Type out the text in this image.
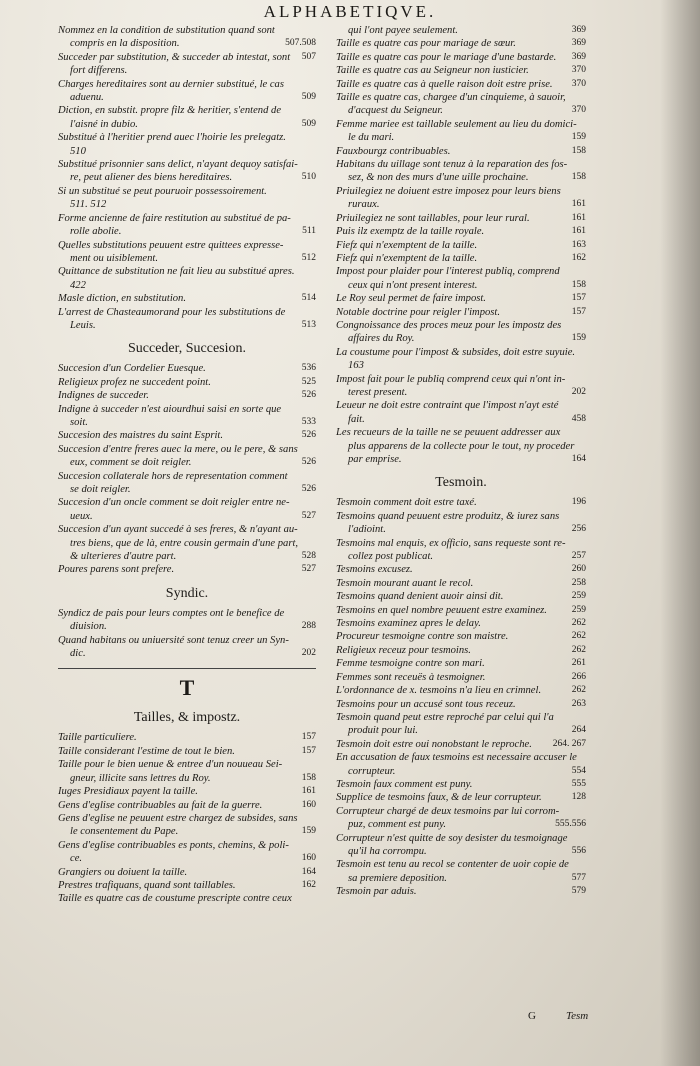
ALPHABETIQVE.
Nommez en la condition de substitution quand sont
507.508
compris en la disposition.
507
Succeder par substitution, & succeder ab intestat, sont
fort differens.
Charges hereditaires sont au dernier substitué, le cas
509
aduenu.
Diction, en substit. propre filz & heritier, s'entend de
509
l'aisné in dubio.
Substitué à l'heritier prend auec l'hoirie les prelegatz.
510
Substitué prisonnier sans delict, n'ayant dequoy satisfai-
510
re, peut aliener des biens hereditaires.
Si un substitué se peut pouruoir possessoirement.
511. 512
Forme ancienne de faire restitution au substitué de pa-
511
rolle abolie.
Quelles substitutions peuuent estre quittees expresse-
512
ment ou uisiblement.
Quittance de substitution ne fait lieu au substitué apres.
422
514
Masle diction, en substitution.
L'arrest de Chasteaumorand pour les substitutions de
513
Leuis.
Succeder, Succesion.
536
Succesion d'un Cordelier Euesque.
525
Religieux profez ne succedent point.
526
Indignes de succeder.
Indigne à succeder n'est aiourdhui saisi en sorte que
533
soit.
526
Succesion des maistres du saint Esprit.
Succesion d'entre freres auec la mere, ou le pere, & sans
526
eux, comment se doit reigler.
Succesion collaterale hors de representation comment
526
se doit reigler.
Succesion d'un oncle comment se doit reigler entre ne-
527
ueux.
Succesion d'un ayant succedé à ses freres, & n'ayant au-
tres biens, que de là, entre cousin germain d'une part,
528
& ulterieres d'autre part.
527
Poures parens sont prefere.
Syndic.
Syndicz de pais pour leurs comptes ont le benefice de
288
diuision.
Quand habitans ou uniuersité sont tenuz creer un Syn-
202
dic.
T
Tailles, & impostz.
157
Taille particuliere.
157
Taille considerant l'estime de tout le bien.
Taille pour le bien uenue & entree d'un nouueau Sei-
158
gneur, illicite sans lettres du Roy.
161
Iuges Presidiaux payent la taille.
160
Gens d'eglise contribuables au fait de la guerre.
Gens d'eglise ne peuuent estre chargez de subsides, sans
159
le consentement du Pape.
Gens d'eglise contribuables es ponts, chemins, & poli-
160
ce.
164
Grangiers ou doiuent la taille.
162
Prestres trafiquans, quand sont taillables.
Taille es quatre cas de coustume prescripte contre ceux
369
qui l'ont payee seulement.
369
Taille es quatre cas pour mariage de sœur.
369
Taille es quatre cas pour le mariage d'une bastarde.
370
Taille es quatre cas au Seigneur non iusticier.
370
Taille es quatre cas à quelle raison doit estre prise.
Taille es quatre cas, chargee d'un cinquieme, à sauoir,
370
d'acquest du Seigneur.
Femme mariee est taillable seulement au lieu du domici-
159
le du mari.
158
Fauxbourgz contribuables.
Habitans du uillage sont tenuz à la reparation des fos-
158
sez, & non des murs d'une uille prochaine.
Priuilegiez ne doiuent estre imposez pour leurs biens
161
ruraux.
161
Priuilegiez ne sont taillables, pour leur rural.
161
Puis ilz exemptz de la taille royale.
163
Fiefz qui n'exemptent de la taille.
162
Fiefz qui n'exemptent de la taille.
Impost pour plaider pour l'interest publiq, comprend
158
ceux qui n'ont present interest.
157
Le Roy seul permet de faire impost.
157
Notable doctrine pour reigler l'impost.
Congnoissance des proces meuz pour les impostz des
159
affaires du Roy.
La coustume pour l'impost & subsides, doit estre suyuie.
163
Impost fait pour le publiq comprend ceux qui n'ont in-
202
terest present.
Leueur ne doit estre contraint que l'impost n'ayt esté
458
fait.
Les recueurs de la taille ne se peuuent addresser aux
plus apparens de la collecte pour le tout, ny proceder
164
par emprise.
Tesmoin.
196
Tesmoin comment doit estre taxé.
Tesmoins quand peuuent estre produitz, & iurez sans
256
l'adioint.
Tesmoins mal enquis, ex officio, sans requeste sont re-
257
collez post publicat.
260
Tesmoins excusez.
258
Tesmoin mourant auant le recol.
259
Tesmoins quand denient auoir ainsi dit.
259
Tesmoins en quel nombre peuuent estre examinez.
262
Tesmoins examinez apres le delay.
262
Procureur tesmoigne contre son maistre.
262
Religieux receuz pour tesmoins.
261
Femme tesmoigne contre son mari.
266
Femmes sont receuës à tesmoigner.
262
L'ordonnance de x. tesmoins n'a lieu en crimnel.
263
Tesmoins pour un accusé sont tous receuz.
Tesmoin quand peut estre reproché par celui qui l'a
264
produit pour lui.
264. 267
Tesmoin doit estre oui nonobstant le reproche.
En accusation de faux tesmoins est necessaire accuser le
554
corrupteur.
555
Tesmoin faux comment est puny.
128
Supplice de tesmoins faux, & de leur corrupteur.
Corrupteur chargé de deux tesmoins par lui corrom-
555.556
puz, comment est puny.
Corrupteur n'est quitte de soy desister du tesmoignage
556
qu'il ha corrompu.
Tesmoin est tenu au recol se contenter de uoir copie de
577
sa premiere deposition.
579
Tesmoin par aduis.
G	Tesm
